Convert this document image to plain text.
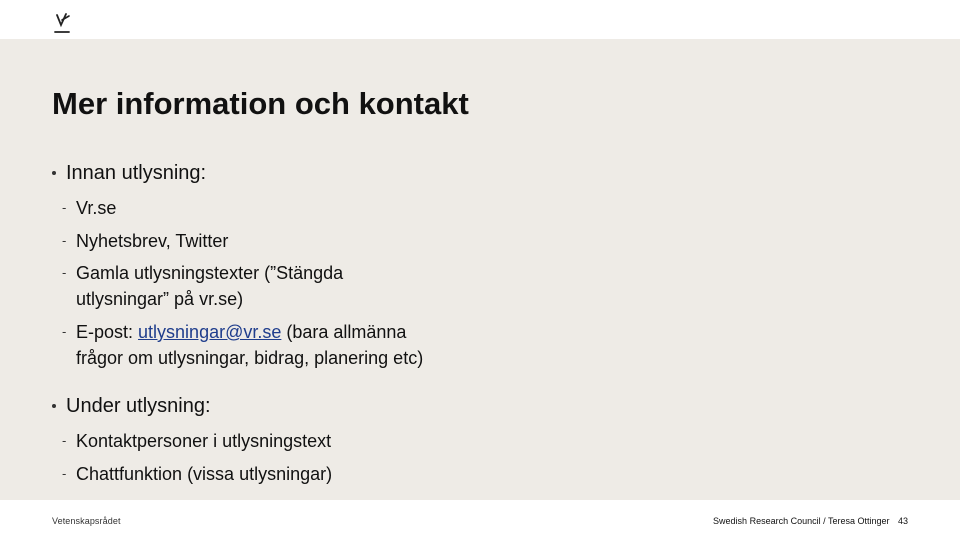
Mer information och kontakt
Innan utlysning:
- Vr.se
- Nyhetsbrev, Twitter
- Gamla utlysningstexter (”Stängda
utlysningar” på vr.se)
- E-post: utlysningar@vr.se (bara allmänna
frågor om utlysningar, bidrag, planering etc)
Under utlysning:
- Kontaktpersoner i utlysningstext
- Chattfunktion (vissa utlysningar)
Vetenskapsrådet	Swedish Research Council / Teresa Ottinger 43
